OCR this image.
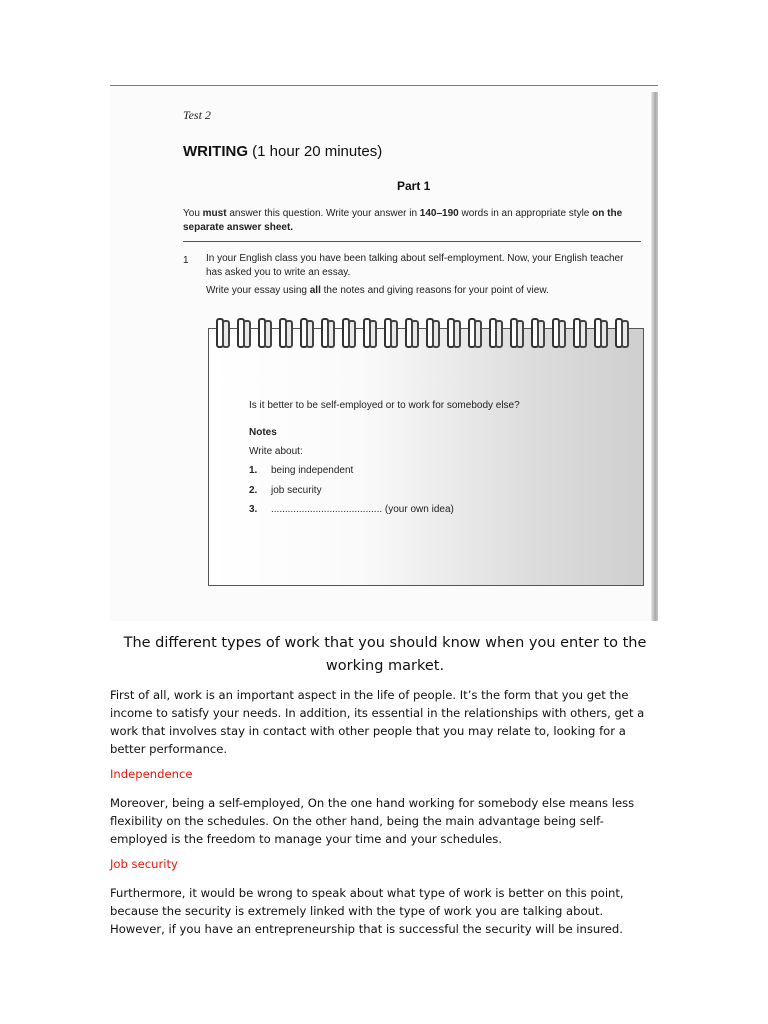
Test 2
WRITING (1 hour 20 minutes)
Part 1
You must answer this question. Write your answer in 140–190 words in an appropriate style on the separate answer sheet.
1 In your English class you have been talking about self-employment. Now, your English teacher has asked you to write an essay.
Write your essay using all the notes and giving reasons for your point of view.
Is it better to be self-employed or to work for somebody else?
Notes
Write about:
1. being independent
2. job security
3. ........................................ (your own idea)
The different types of work that you should know when you enter to the working market.
First of all, work is an important aspect in the life of people. It’s the form that you get the income to satisfy your needs. In addition, its essential in the relationships with others, get a work that involves stay in contact with other people that you may relate to, looking for a better performance.
Independence
Moreover, being a self-employed, On the one hand working for somebody else means less flexibility on the schedules. On the other hand, being the main advantage being self-employed is the freedom to manage your time and your schedules.
Job security
Furthermore, it would be wrong to speak about what type of work is better on this point, because the security is extremely linked with the type of work you are talking about. However, if you have an entrepreneurship that is successful the security will be insured.
